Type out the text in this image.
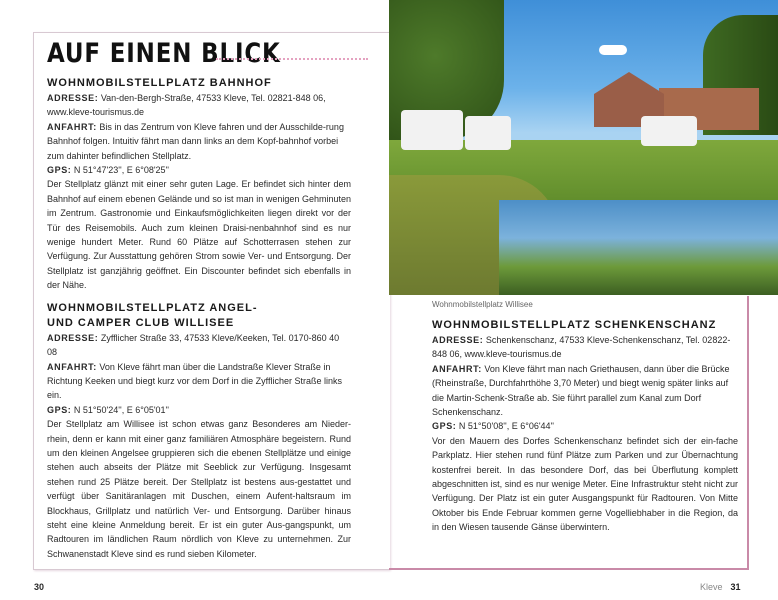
AUF EINEN BLICK
WOHNMOBILSTELLPLATZ BAHNHOF

ADRESSE: Van-den-Bergh-Straße, 47533 Kleve, Tel. 02821-848 06, www.kleve-tourismus.de

ANFAHRT: Bis in das Zentrum von Kleve fahren und der Ausschilde-rung Bahnhof folgen. Intuitiv fährt man dann links an dem Kopf-bahnhof vorbei zum dahinter befindlichen Stellplatz.

GPS: N 51°47'23'', E 6°08'25''

Der Stellplatz glänzt mit einer sehr guten Lage. Er befindet sich hinter dem Bahnhof auf einem ebenen Gelände und so ist man in wenigen Gehminuten im Zentrum. Gastronomie und Einkaufsmöglichkeiten liegen direkt vor der Tür des Reisemobils. Auch zum kleinen Draisi-nenbahnhof sind es nur wenige hundert Meter. Rund 60 Plätze auf Schotterrasen stehen zur Verfügung. Zur Ausstattung gehören Strom sowie Ver- und Entsorgung. Der Stellplatz ist ganzjährig geöffnet. Ein Discounter befindet sich ebenfalls in der Nähe.

WOHNMOBILSTELLPLATZ ANGEL- UND CAMPER CLUB WILLISEE

ADRESSE: Zyfflicher Straße 33, 47533 Kleve/Keeken, Tel. 0170-860 40 08

ANFAHRT: Von Kleve fährt man über die Landstraße Klever Straße in Richtung Keeken und biegt kurz vor dem Dorf in die Zyfflicher Straße links ein.

GPS: N 51°50'24'', E 6°05'01''

Der Stellplatz am Willisee ist schon etwas ganz Besonderes am Nieder-rhein, denn er kann mit einer ganz familiären Atmosphäre begeistern. Rund um den kleinen Angelsee gruppieren sich die ebenen Stellplätze und einige stehen auch abseits der Plätze mit Seeblick zur Verfügung. Insgesamt stehen rund 25 Plätze bereit. Der Stellplatz ist bestens aus-gestattet und verfügt über Sanitäranlagen mit Duschen, einem Aufent-haltsraum im Blockhaus, Grillplatz und natürlich Ver- und Entsorgung. Darüber hinaus steht eine kleine Anmeldung bereit. Er ist ein guter Aus-gangspunkt, um Radtouren im ländlichen Raum nördlich von Kleve zu unternehmen. Zur Schwanenstadt Kleve sind es rund sieben Kilometer.

Wohnmobilstellplatz Willisee
WOHNMOBILSTELLPLATZ SCHENKENSCHANZ

ADRESSE: Schenkenschanz, 47533 Kleve-Schenkenschanz, Tel. 02822-848 06, www.kleve-tourismus.de

ANFAHRT: Von Kleve fährt man nach Griethausen, dann über die Brücke (Rheinstraße, Durchfahrthöhe 3,70 Meter) und biegt wenig später links auf die Martin-Schenk-Straße ab. Sie führt parallel zum Kanal zum Dorf Schenkenschanz.

GPS: N 51°50'08'', E 6°06'44''

Vor den Mauern des Dorfes Schenkenschanz befindet sich der ein-fache Parkplatz. Hier stehen rund fünf Plätze zum Parken und zur Übernachtung kostenfrei bereit. In das besondere Dorf, das bei Überflutung komplett abgeschnitten ist, sind es nur wenige Meter. Eine Infrastruktur steht nicht zur Verfügung. Der Platz ist ein guter Ausgangspunkt für Radtouren. Von Mitte Oktober bis Ende Februar kommen gerne Vogelliebhaber in die Region, da in den Wiesen tausende Gänse überwintern.

30	Kleve 31
